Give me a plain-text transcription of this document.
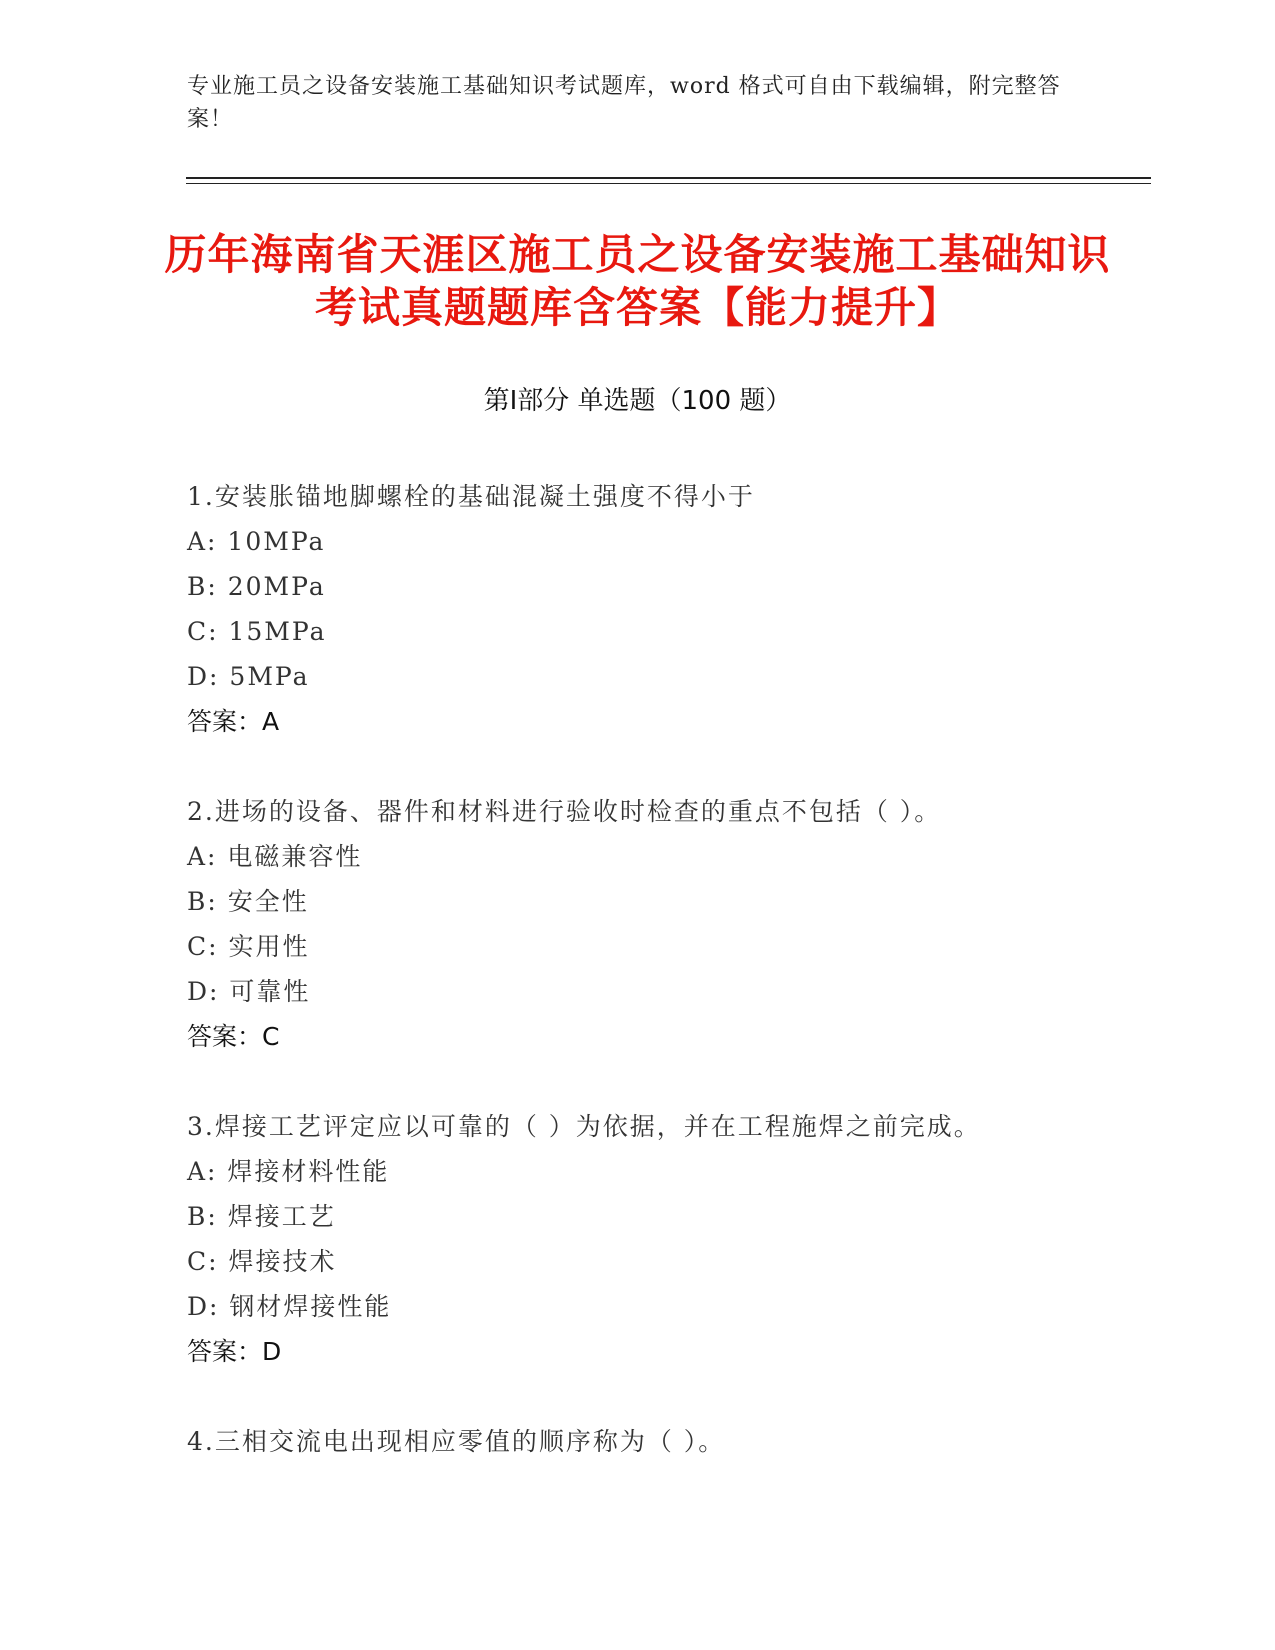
专业施工员之设备安装施工基础知识考试题库，word 格式可自由下载编辑，附完整答案！
历年海南省天涯区施工员之设备安装施工基础知识考试真题题库含答案【能力提升】
第Ⅰ部分 单选题（100 题）
1.安装胀锚地脚螺栓的基础混凝土强度不得小于
A: 10MPa
B: 20MPa
C: 15MPa
D: 5MPa
答案：A
2.进场的设备、器件和材料进行验收时检查的重点不包括（ ）。
A: 电磁兼容性
B: 安全性
C: 实用性
D: 可靠性
答案：C
3.焊接工艺评定应以可靠的（ ）为依据，并在工程施焊之前完成。
A: 焊接材料性能
B: 焊接工艺
C: 焊接技术
D: 钢材焊接性能
答案：D
4.三相交流电出现相应零值的顺序称为（ ）。
